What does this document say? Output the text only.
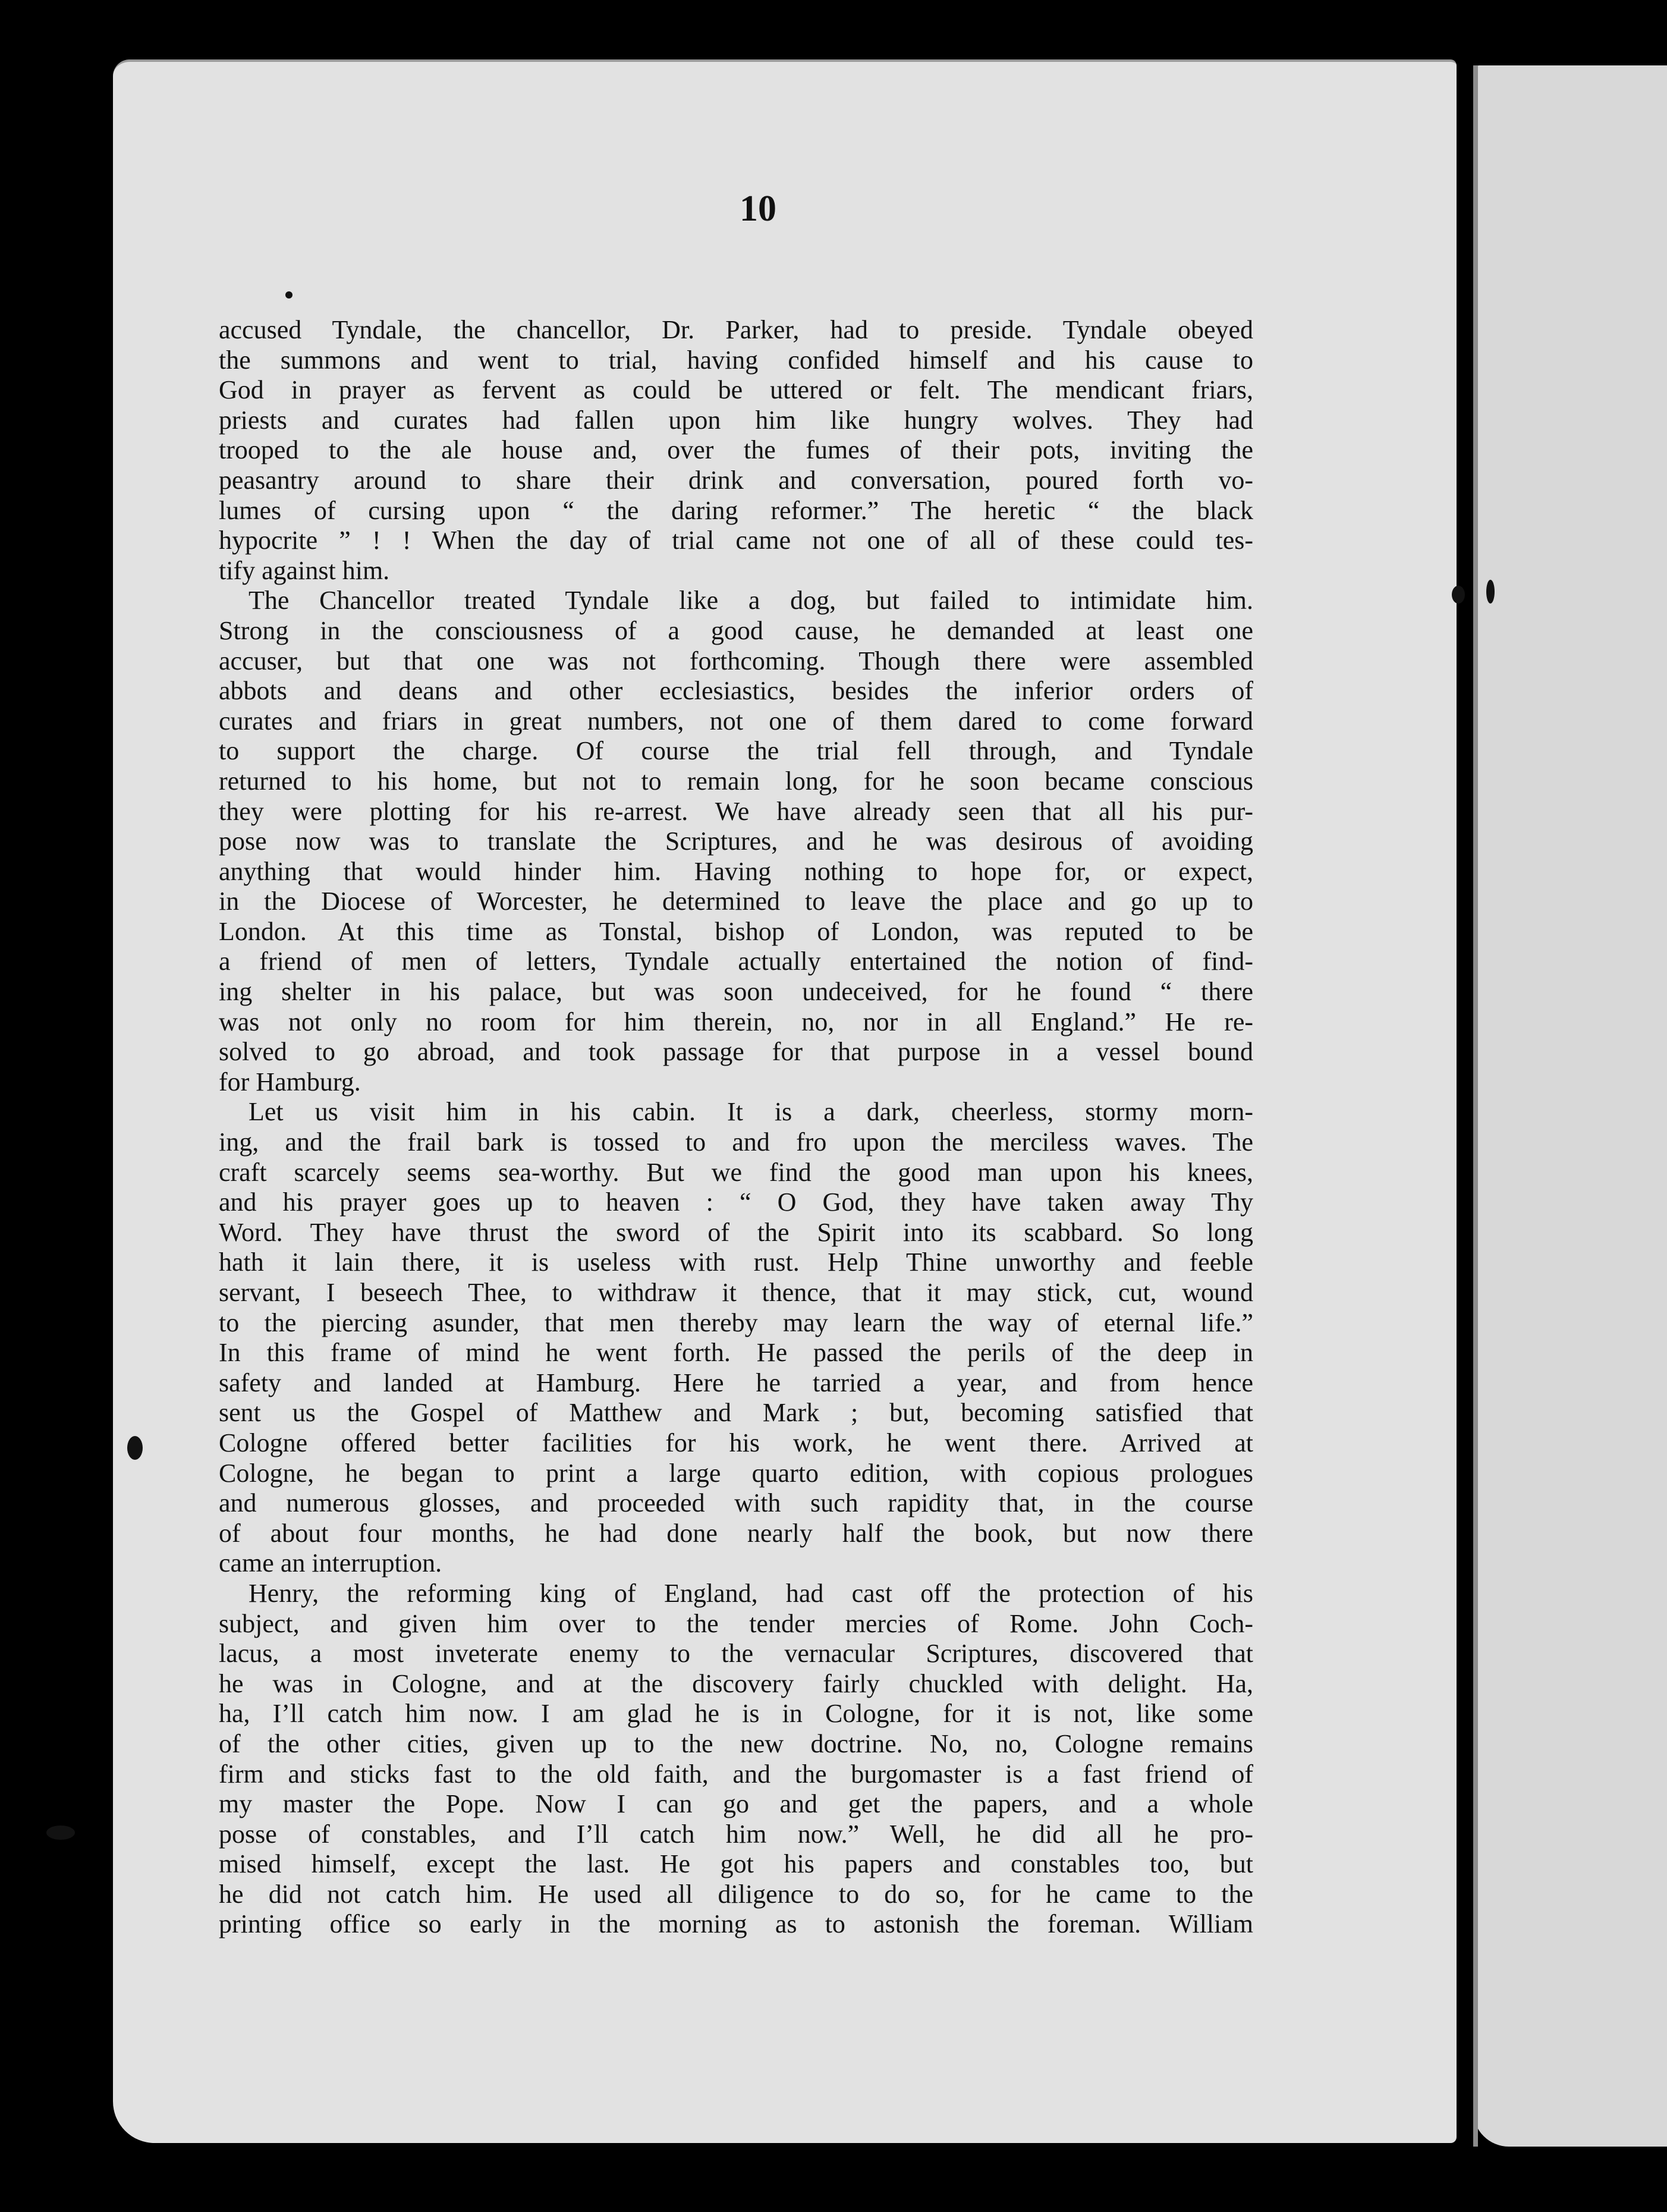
10
accused Tyndale, the chancellor, Dr. Parker, had to preside. Tyndale obeyed
the summons and went to trial, having confided himself and his cause to
God in prayer as fervent as could be uttered or felt. The mendicant friars,
priests and curates had fallen upon him like hungry wolves. They had
trooped to the ale house and, over the fumes of their pots, inviting the
peasantry around to share their drink and conversation, poured forth vo-
lumes of cursing upon “ the daring reformer.” The heretic “ the black
hypocrite ” ! ! When the day of trial came not one of all of these could tes-
tify against him.
The Chancellor treated Tyndale like a dog, but failed to intimidate him.
Strong in the consciousness of a good cause, he demanded at least one
accuser, but that one was not forthcoming. Though there were assembled
abbots and deans and other ecclesiastics, besides the inferior orders of
curates and friars in great numbers, not one of them dared to come forward
to support the charge. Of course the trial fell through, and Tyndale
returned to his home, but not to remain long, for he soon became conscious
they were plotting for his re-arrest. We have already seen that all his pur-
pose now was to translate the Scriptures, and he was desirous of avoiding
anything that would hinder him. Having nothing to hope for, or expect,
in the Diocese of Worcester, he determined to leave the place and go up to
London. At this time as Tonstal, bishop of London, was reputed to be
a friend of men of letters, Tyndale actually entertained the notion of find-
ing shelter in his palace, but was soon undeceived, for he found “ there
was not only no room for him therein, no, nor in all England.” He re-
solved to go abroad, and took passage for that purpose in a vessel bound
for Hamburg.
Let us visit him in his cabin. It is a dark, cheerless, stormy morn-
ing, and the frail bark is tossed to and fro upon the merciless waves. The
craft scarcely seems sea-worthy. But we find the good man upon his knees,
and his prayer goes up to heaven : “ O God, they have taken away Thy
Word. They have thrust the sword of the Spirit into its scabbard. So long
hath it lain there, it is useless with rust. Help Thine unworthy and feeble
servant, I beseech Thee, to withdraw it thence, that it may stick, cut, wound
to the piercing asunder, that men thereby may learn the way of eternal life.”
In this frame of mind he went forth. He passed the perils of the deep in
safety and landed at Hamburg. Here he tarried a year, and from hence
sent us the Gospel of Matthew and Mark ; but, becoming satisfied that
Cologne offered better facilities for his work, he went there. Arrived at
Cologne, he began to print a large quarto edition, with copious prologues
and numerous glosses, and proceeded with such rapidity that, in the course
of about four months, he had done nearly half the book, but now there
came an interruption.
Henry, the reforming king of England, had cast off the protection of his
subject, and given him over to the tender mercies of Rome. John Coch-
lacus, a most inveterate enemy to the vernacular Scriptures, discovered that
he was in Cologne, and at the discovery fairly chuckled with delight. Ha,
ha, I’ll catch him now. I am glad he is in Cologne, for it is not, like some
of the other cities, given up to the new doctrine. No, no, Cologne remains
firm and sticks fast to the old faith, and the burgomaster is a fast friend of
my master the Pope. Now I can go and get the papers, and a whole
posse of constables, and I’ll catch him now.” Well, he did all he pro-
mised himself, except the last. He got his papers and constables too, but
he did not catch him. He used all diligence to do so, for he came to the
printing office so early in the morning as to astonish the foreman. William
